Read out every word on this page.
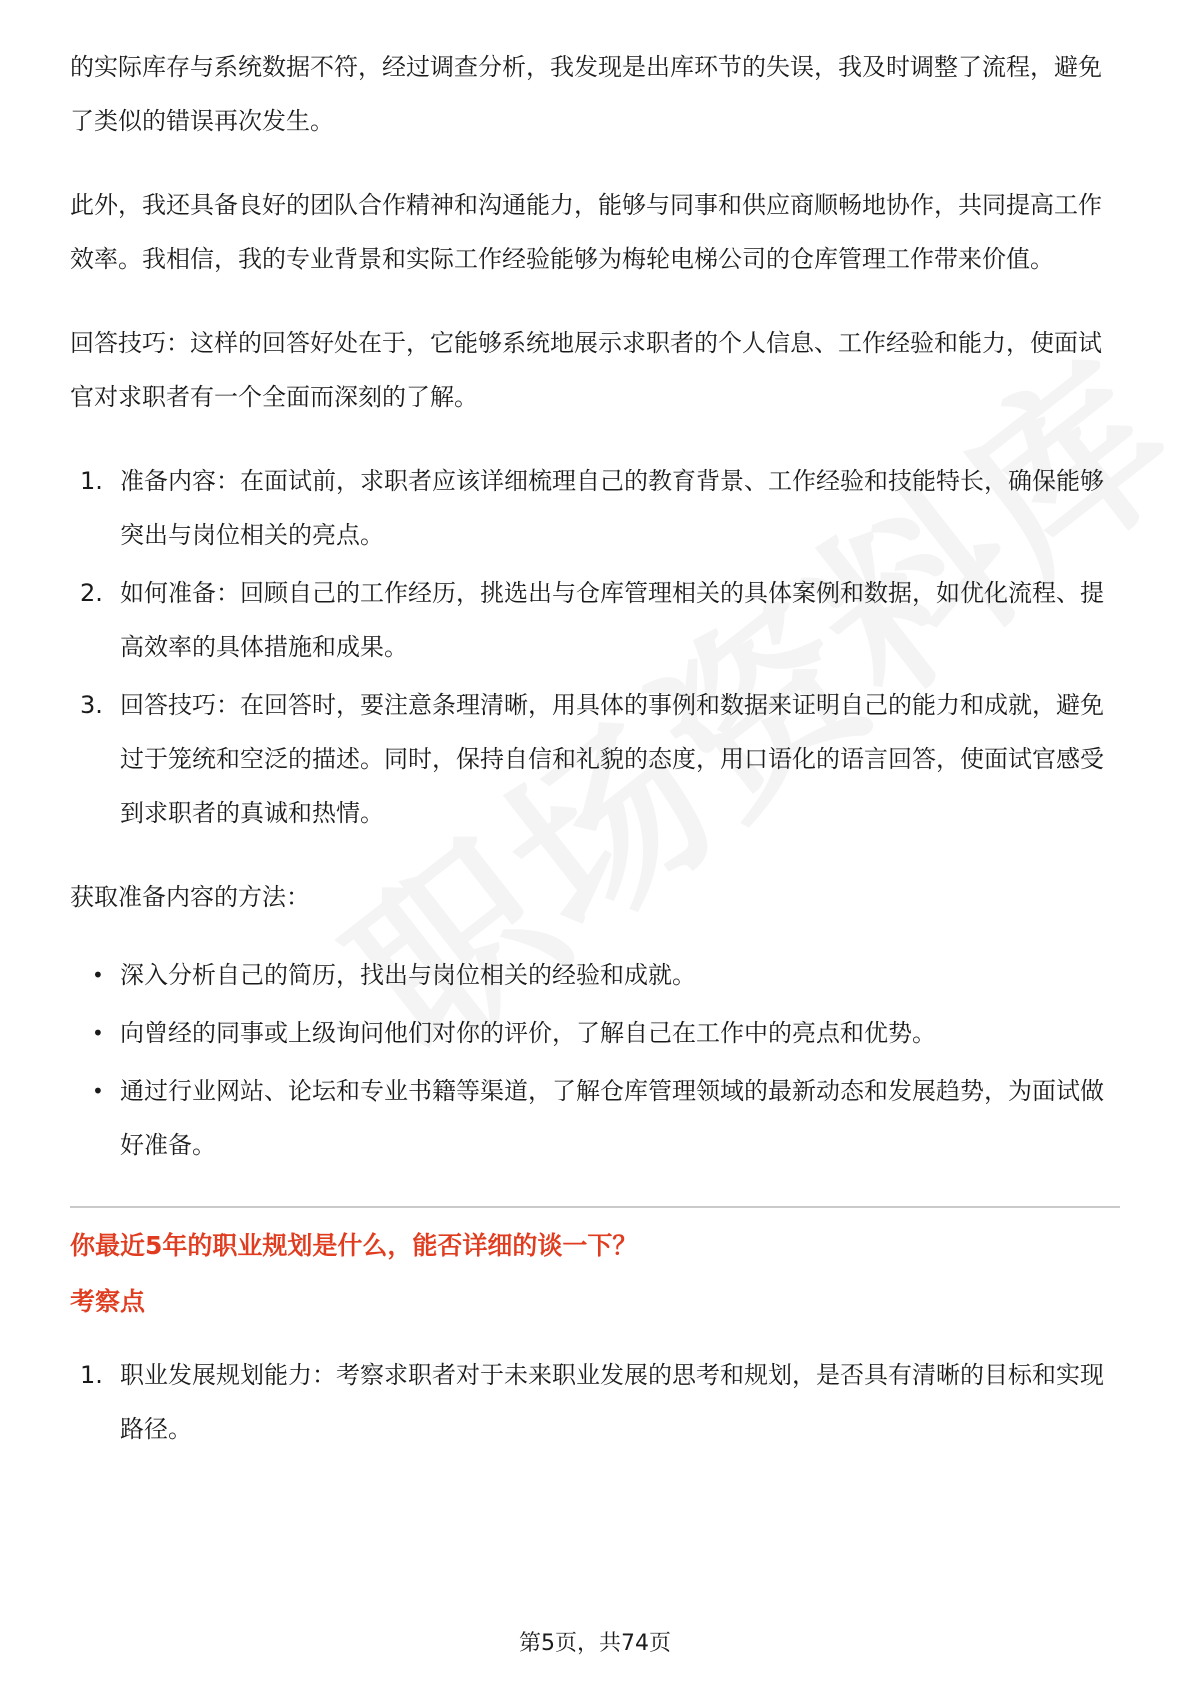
的实际库存与系统数据不符，经过调查分析，我发现是出库环节的失误，我及时调整了流程，避免了类似的错误再次发生。

此外，我还具备良好的团队合作精神和沟通能力，能够与同事和供应商顺畅地协作，共同提高工作效率。我相信，我的专业背景和实际工作经验能够为梅轮电梯公司的仓库管理工作带来价值。

回答技巧：这样的回答好处在于，它能够系统地展示求职者的个人信息、工作经验和能力，使面试官对求职者有一个全面而深刻的了解。

1. 准备内容：在面试前，求职者应该详细梳理自己的教育背景、工作经验和技能特长，确保能够突出与岗位相关的亮点。
2. 如何准备：回顾自己的工作经历，挑选出与仓库管理相关的具体案例和数据，如优化流程、提高效率的具体措施和成果。
3. 回答技巧：在回答时，要注意条理清晰，用具体的事例和数据来证明自己的能力和成就，避免过于笼统和空泛的描述。同时，保持自信和礼貌的态度，用口语化的语言回答，使面试官感受到求职者的真诚和热情。

获取准备内容的方法：

• 深入分析自己的简历，找出与岗位相关的经验和成就。
• 向曾经的同事或上级询问他们对你的评价，了解自己在工作中的亮点和优势。
• 通过行业网站、论坛和专业书籍等渠道，了解仓库管理领域的最新动态和发展趋势，为面试做好准备。
你最近5年的职业规划是什么，能否详细的谈一下？
考察点
1. 职业发展规划能力：考察求职者对于未来职业发展的思考和规划，是否具有清晰的目标和实现路径。
第5页，共74页
